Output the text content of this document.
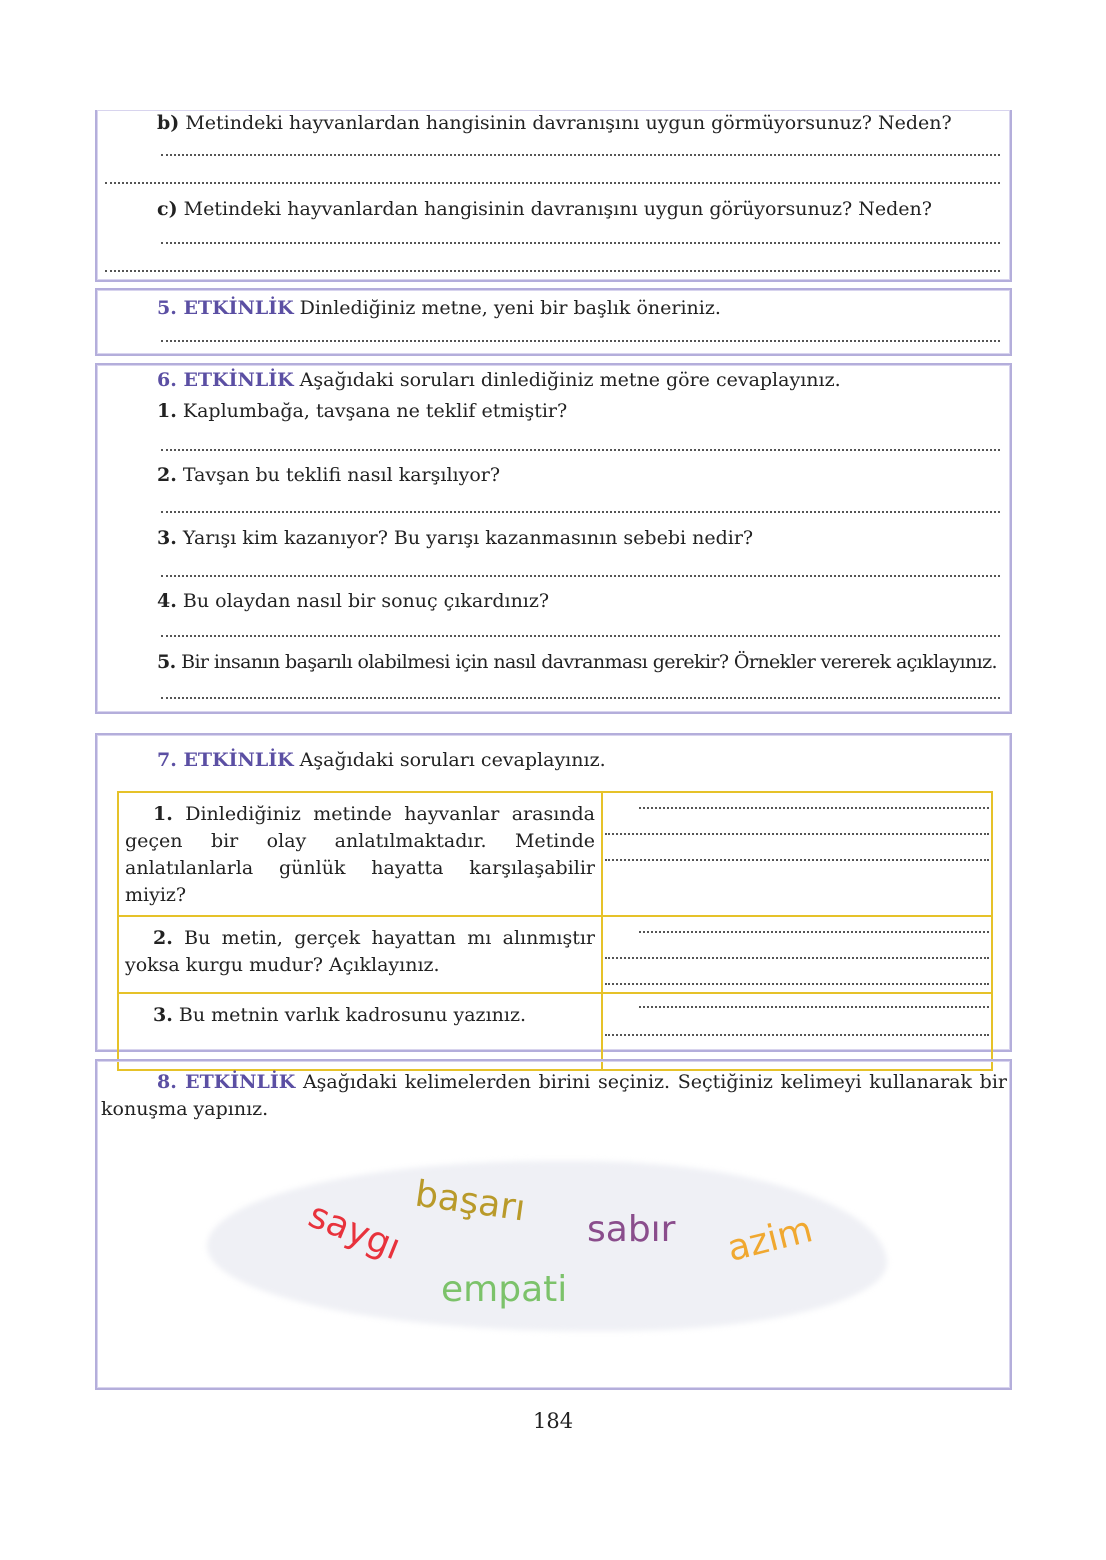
b) Metindeki hayvanlardan hangisinin davranışını uygun görmüyorsunuz? Neden?
c) Metindeki hayvanlardan hangisinin davranışını uygun görüyorsunuz? Neden?
5. ETKİNLİK Dinlediğiniz metne, yeni bir başlık öneriniz.
6. ETKİNLİK Aşağıdaki soruları dinlediğiniz metne göre cevaplayınız.
1. Kaplumbağa, tavşana ne teklif etmiştir?
2. Tavşan bu teklifi nasıl karşılıyor?
3. Yarışı kim kazanıyor? Bu yarışı kazanmasının sebebi nedir?
4. Bu olaydan nasıl bir sonuç çıkardınız?
5. Bir insanın başarılı olabilmesi için nasıl davranması gerekir? Örnekler vererek açıklayınız.
7. ETKİNLİK Aşağıdaki soruları cevaplayınız.
1. Dinlediğiniz metinde hayvanlar arasında geçen bir olay anlatılmaktadır. Metinde anlatılanlarla günlük hayatta karşılaşabilir miyiz?	

2. Bu metin, gerçek hayattan mı alınmıştır yoksa kurgu mudur? Açıklayınız.	

3. Bu metnin varlık kadrosunu yazınız.	
8. ETKİNLİK Aşağıdaki kelimelerden birini seçiniz. Seçtiğiniz kelimeyi kullanarak bir konuşma yapınız.
saygı başarı
sabır azim
empati
184
